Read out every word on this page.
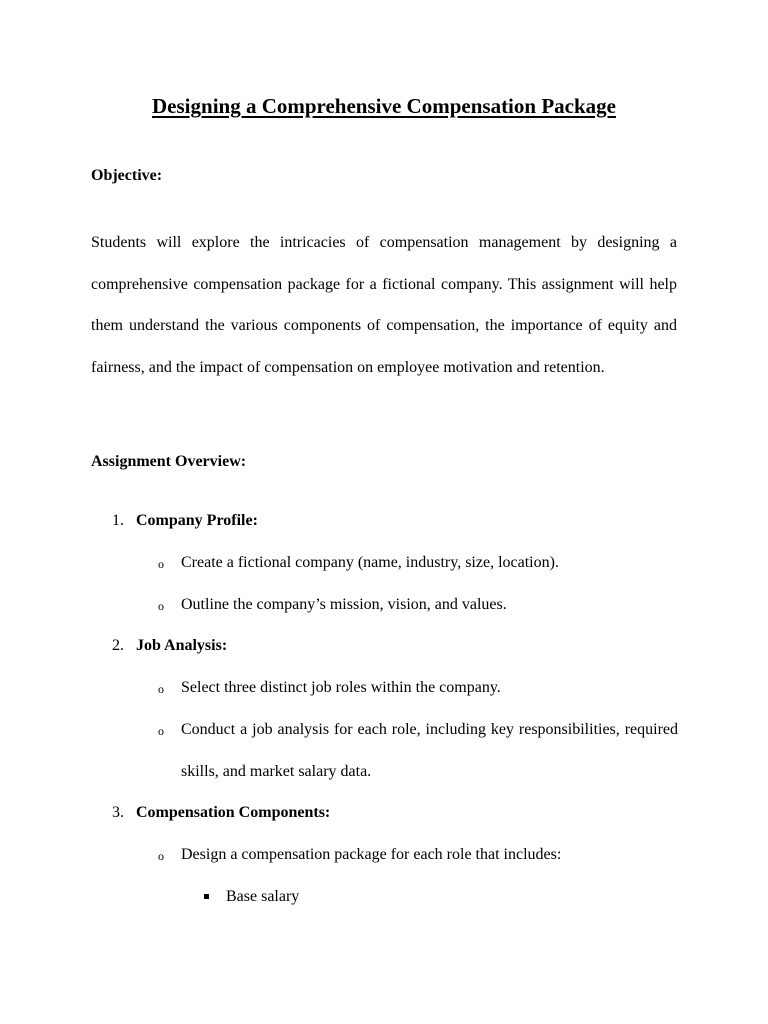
Designing a Comprehensive Compensation Package
Objective:

Students will explore the intricacies of compensation management by designing a comprehensive compensation package for a fictional company. This assignment will help them understand the various components of compensation, the importance of equity and fairness, and the impact of compensation on employee motivation and retention.

Assignment Overview:
1. Company Profile:
o Create a fictional company (name, industry, size, location).
o Outline the company’s mission, vision, and values.
2. Job Analysis:
o Select three distinct job roles within the company.
o Conduct a job analysis for each role, including key responsibilities, required skills, and market salary data.
3. Compensation Components:
o Design a compensation package for each role that includes:
Base salary
